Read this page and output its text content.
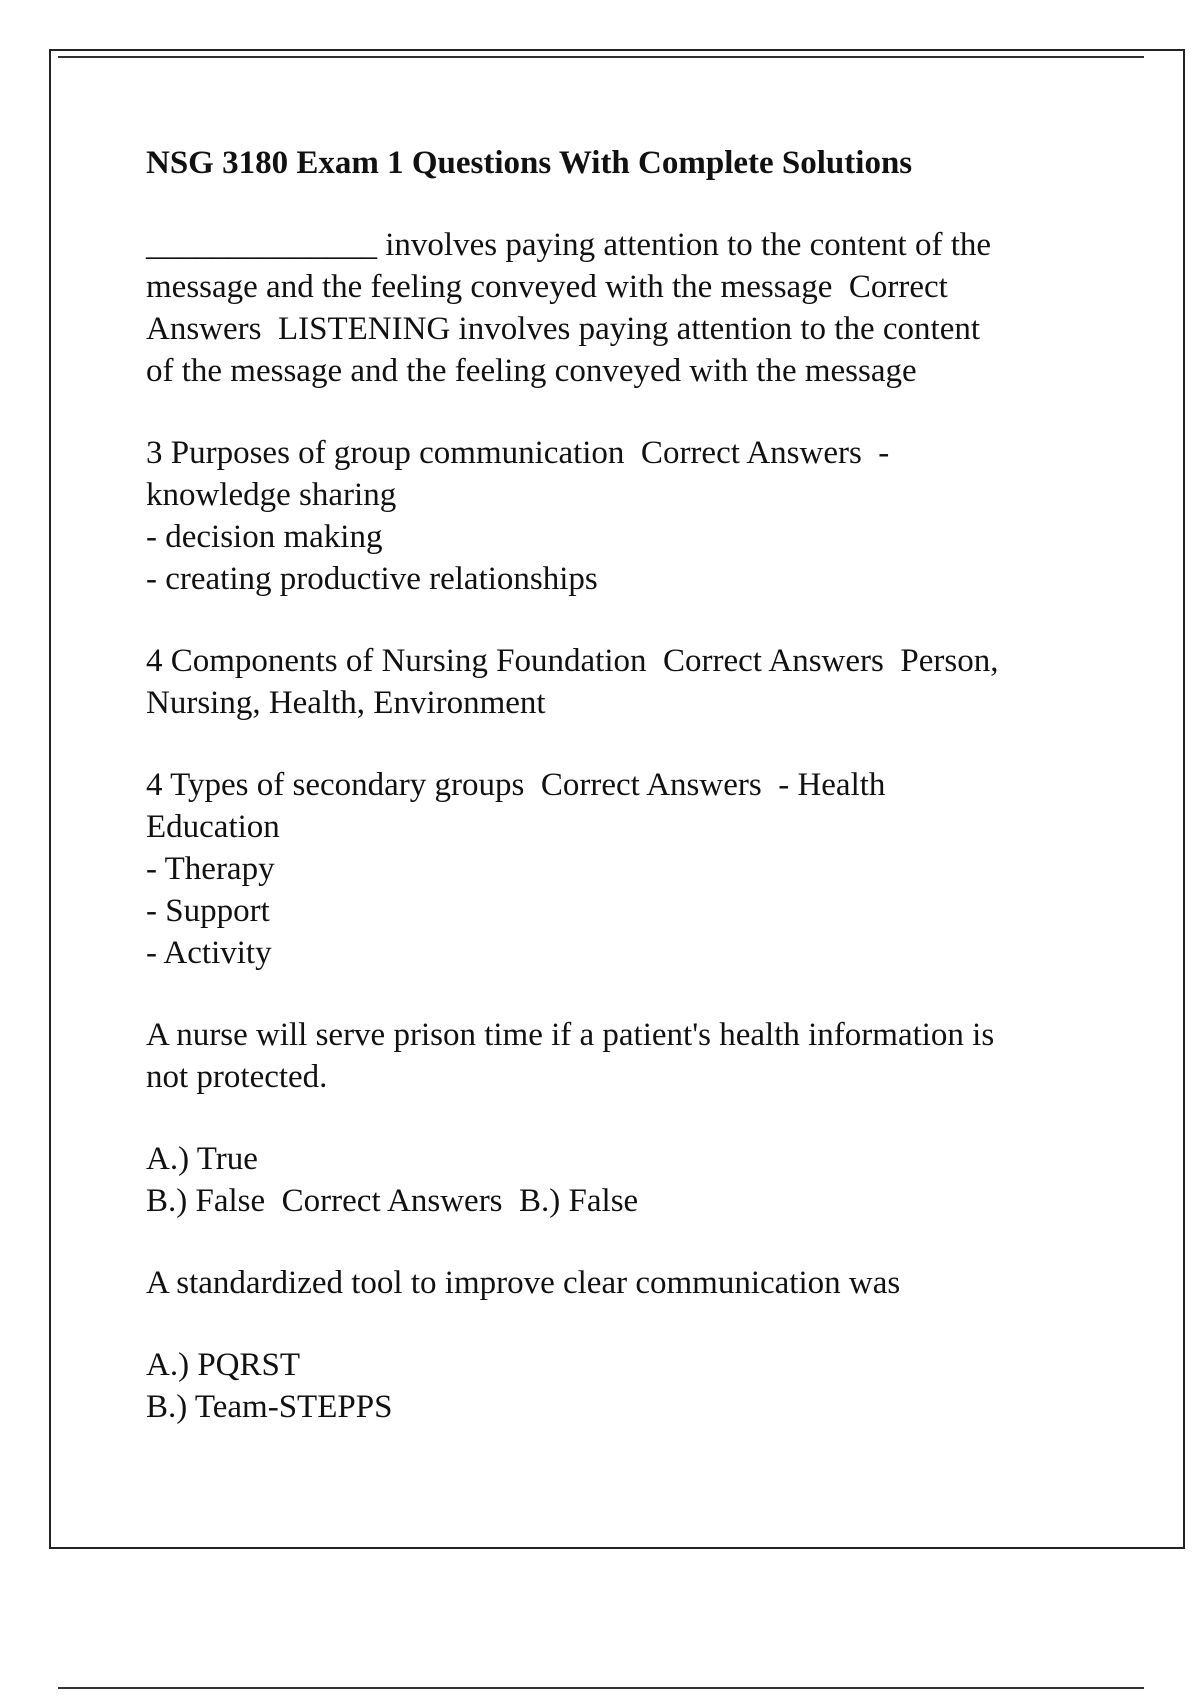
NSG 3180 Exam 1 Questions With Complete Solutions
______________ involves paying attention to the content of the
message and the feeling conveyed with the message  Correct
Answers  LISTENING involves paying attention to the content
of the message and the feeling conveyed with the message
3 Purposes of group communication  Correct Answers  -
knowledge sharing
- decision making
- creating productive relationships
4 Components of Nursing Foundation  Correct Answers  Person,
Nursing, Health, Environment
4 Types of secondary groups  Correct Answers  - Health
Education
- Therapy
- Support
- Activity
A nurse will serve prison time if a patient's health information is
not protected.
A.) True
B.) False  Correct Answers  B.) False
A standardized tool to improve clear communication was
A.) PQRST
B.) Team-STEPPS
